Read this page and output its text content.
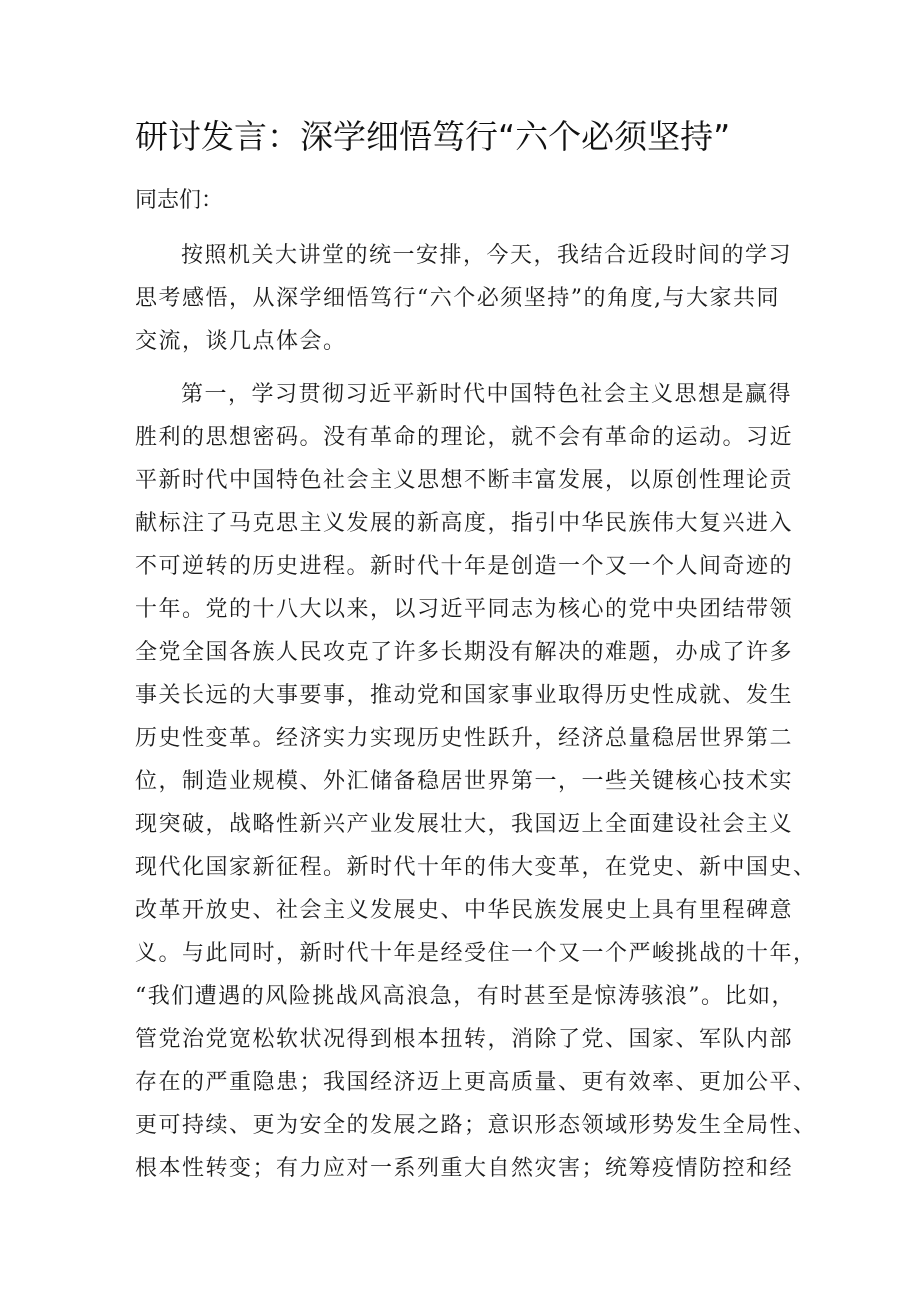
研讨发言：深学细悟笃行“六个必须坚持”
同志们：
按照机关大讲堂的统一安排，今天，我结合近段时间的学习
思考感悟，从深学细悟笃行“六个必须坚持”的角度,与大家共同
交流，谈几点体会。
第一，学习贯彻习近平新时代中国特色社会主义思想是赢得
胜利的思想密码。没有革命的理论，就不会有革命的运动。习近
平新时代中国特色社会主义思想不断丰富发展，以原创性理论贡
献标注了马克思主义发展的新高度，指引中华民族伟大复兴进入
不可逆转的历史进程。新时代十年是创造一个又一个人间奇迹的
十年。党的十八大以来，以习近平同志为核心的党中央团结带领
全党全国各族人民攻克了许多长期没有解决的难题，办成了许多
事关长远的大事要事，推动党和国家事业取得历史性成就、发生
历史性变革。经济实力实现历史性跃升，经济总量稳居世界第二
位，制造业规模、外汇储备稳居世界第一，一些关键核心技术实
现突破，战略性新兴产业发展壮大，我国迈上全面建设社会主义
现代化国家新征程。新时代十年的伟大变革，在党史、新中国史、
改革开放史、社会主义发展史、中华民族发展史上具有里程碑意
义。与此同时，新时代十年是经受住一个又一个严峻挑战的十年，
“我们遭遇的风险挑战风高浪急，有时甚至是惊涛骇浪”。比如，
管党治党宽松软状况得到根本扭转，消除了党、国家、军队内部
存在的严重隐患；我国经济迈上更高质量、更有效率、更加公平、
更可持续、更为安全的发展之路；意识形态领域形势发生全局性、
根本性转变；有力应对一系列重大自然灾害；统筹疫情防控和经
